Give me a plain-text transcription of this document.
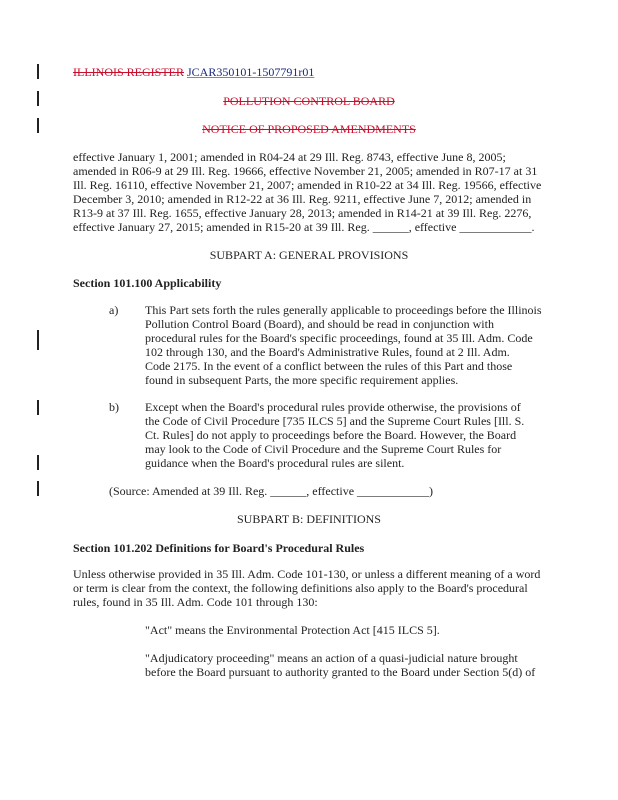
ILLINOIS REGISTER JCAR350101-1507791r01
POLLUTION CONTROL BOARD
NOTICE OF PROPOSED AMENDMENTS
effective January 1, 2001; amended in R04-24 at 29 Ill. Reg. 8743, effective June 8, 2005;
amended in R06-9 at 29 Ill. Reg. 19666, effective November 21, 2005; amended in R07-17 at 31
Ill. Reg. 16110, effective November 21, 2007; amended in R10-22 at 34 Ill. Reg. 19566, effective
December 3, 2010; amended in R12-22 at 36 Ill. Reg. 9211, effective June 7, 2012; amended in
R13-9 at 37 Ill. Reg. 1655, effective January 28, 2013; amended in R14-21 at 39 Ill. Reg. 2276,
effective January 27, 2015; amended in R15-20 at 39 Ill. Reg. ______, effective ____________.
SUBPART A: GENERAL PROVISIONS
Section 101.100 Applicability
a) This Part sets forth the rules generally applicable to proceedings before the Illinois
Pollution Control Board (Board), and should be read in conjunction with
procedural rules for the Board's specific proceedings, found at 35 Ill. Adm. Code
102 through 130, and the Board's Administrative Rules, found at 2 Ill. Adm.
Code 2175. In the event of a conflict between the rules of this Part and those
found in subsequent Parts, the more specific requirement applies.
b) Except when the Board's procedural rules provide otherwise, the provisions of
the Code of Civil Procedure [735 ILCS 5] and the Supreme Court Rules [Ill. S.
Ct. Rules] do not apply to proceedings before the Board. However, the Board
may look to the Code of Civil Procedure and the Supreme Court Rules for
guidance when the Board's procedural rules are silent.
(Source: Amended at 39 Ill. Reg. ______, effective ____________)
SUBPART B: DEFINITIONS
Section 101.202 Definitions for Board's Procedural Rules
Unless otherwise provided in 35 Ill. Adm. Code 101-130, or unless a different meaning of a word
or term is clear from the context, the following definitions also apply to the Board's procedural
rules, found in 35 Ill. Adm. Code 101 through 130:
"Act" means the Environmental Protection Act [415 ILCS 5].
"Adjudicatory proceeding" means an action of a quasi-judicial nature brought
before the Board pursuant to authority granted to the Board under Section 5(d) of
